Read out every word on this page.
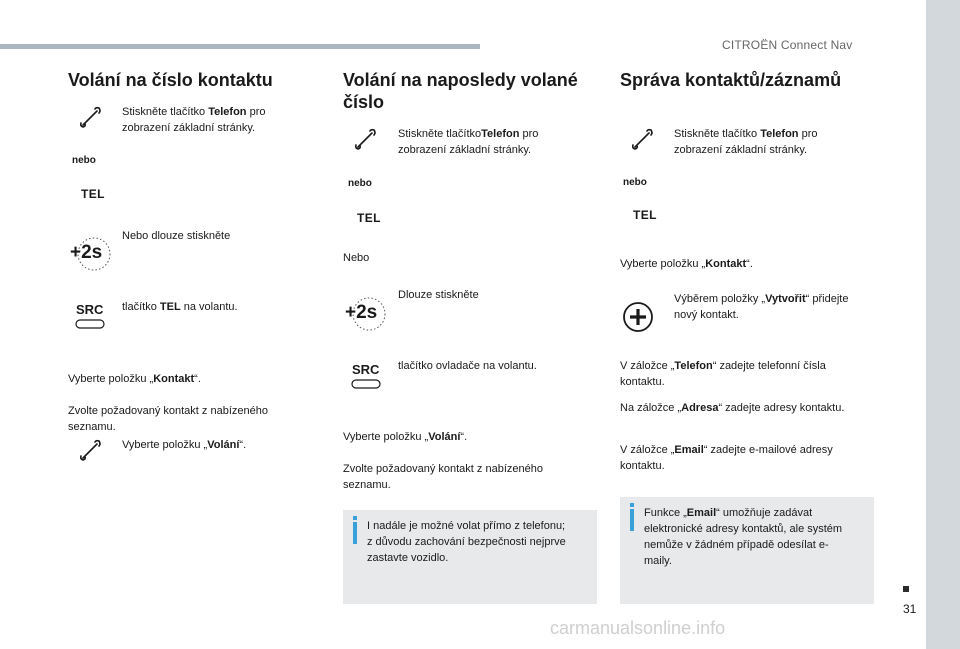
CITROËN Connect Nav
31
carmanualsonline.info
Volání na číslo kontaktu
Stiskněte tlačítko Telefon pro zobrazení základní stránky.
nebo
TEL
+2s
Nebo dlouze stiskněte
SRC tlačítko TEL na volantu.
Vyberte položku „Kontakt“.
Zvolte požadovaný kontakt z nabízeného seznamu.
Vyberte položku „Volání“.
Volání na naposledy volané číslo
Stiskněte tlačítkoTelefon pro zobrazení základní stránky.
nebo
TEL
Nebo
+2s
Dlouze stiskněte
SRC tlačítko ovladače na volantu.
Vyberte položku „Volání“.
Zvolte požadovaný kontakt z nabízeného seznamu.
I nadále je možné volat přímo z telefonu; z důvodu zachování bezpečnosti nejprve zastavte vozidlo.
Správa kontaktů/záznamů
Stiskněte tlačítko Telefon pro zobrazení základní stránky.
nebo
TEL
Vyberte položku „Kontakt“.
Výběrem položky „Vytvořit“ přidejte nový kontakt.
V záložce „Telefon“ zadejte telefonní čísla kontaktu.
Na záložce „Adresa“ zadejte adresy kontaktu.
V záložce „Email“ zadejte e-mailové adresy kontaktu.
Funkce „Email“ umožňuje zadávat elektronické adresy kontaktů, ale systém nemůže v žádném případě odesílat e-maily.
